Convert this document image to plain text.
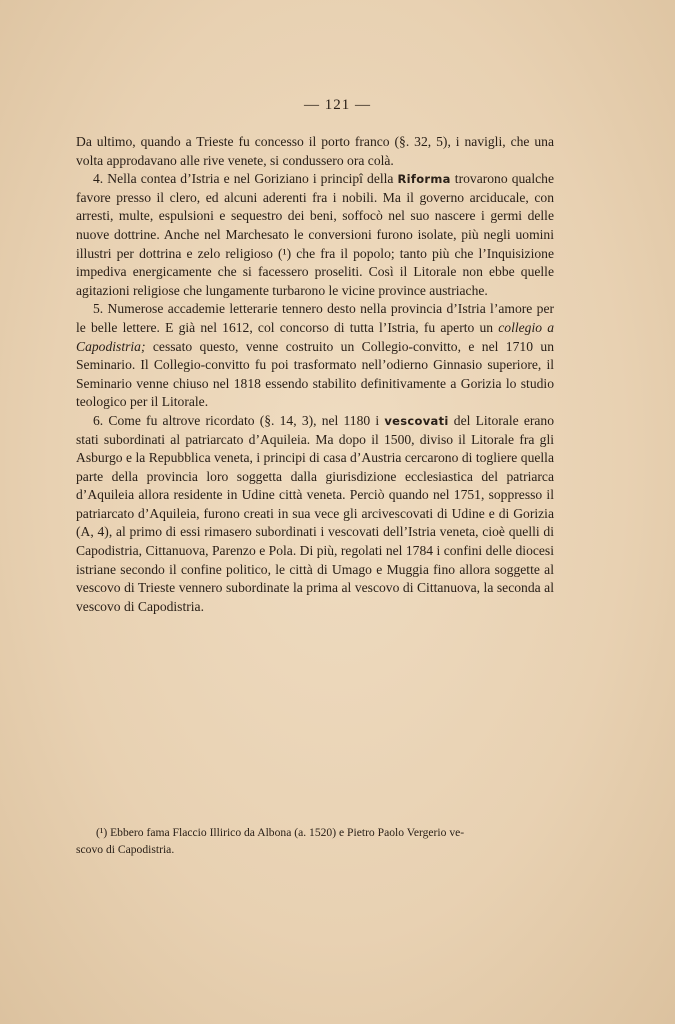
— 121 —

Da ultimo, quando a Trieste fu concesso il porto franco (§. 32, 5), i navigli, che una volta approdavano alle rive venete, si condussero ora colà.

4. Nella contea d’Istria e nel Goriziano i principî della Riforma trovarono qualche favore presso il clero, ed alcuni aderenti fra i nobili. Ma il governo arciducale, con arresti, multe, espulsioni e sequestro dei beni, soffocò nel suo nascere i germi delle nuove dottrine. Anche nel Marchesato le conversioni furono isolate, più negli uomini illustri per dottrina e zelo religioso (¹) che fra il popolo; tanto più che l’Inquisizione impediva energicamente che si facessero proseliti. Così il Litorale non ebbe quelle agitazioni religiose che lungamente turbarono le vicine province austriache.

5. Numerose accademie letterarie tennero desto nella provincia d’Istria l’amore per le belle lettere. E già nel 1612, col concorso di tutta l’Istria, fu aperto un collegio a Capodistria; cessato questo, venne costruito un Collegio-convitto, e nel 1710 un Seminario. Il Collegio-convitto fu poi trasformato nell’odierno Ginnasio superiore, il Seminario venne chiuso nel 1818 essendo stabilito definitivamente a Gorizia lo studio teologico per il Litorale.

6. Come fu altrove ricordato (§. 14, 3), nel 1180 i vescovati del Litorale erano stati subordinati al patriarcato d’Aquileia. Ma dopo il 1500, diviso il Litorale fra gli Asburgo e la Repubblica veneta, i principi di casa d’Austria cercarono di togliere quella parte della provincia loro soggetta dalla giurisdizione ecclesiastica del patriarca d’Aquileia allora residente in Udine città veneta. Perciò quando nel 1751, soppresso il patriarcato d’Aquileia, furono creati in sua vece gli arcivescovati di Udine e di Gorizia (A, 4), al primo di essi rimasero subordinati i vescovati dell’Istria veneta, cioè quelli di Capodistria, Cittanuova, Parenzo e Pola. Di più, regolati nel 1784 i confini delle diocesi istriane secondo il confine politico, le città di Umago e Muggia fino allora soggette al vescovo di Trieste vennero subordinate la prima al vescovo di Cittanuova, la seconda al vescovo di Capodistria.

(¹) Ebbero fama Flaccio Illirico da Albona (a. 1520) e Pietro Paolo Vergerio ve-
scovo di Capodistria.
